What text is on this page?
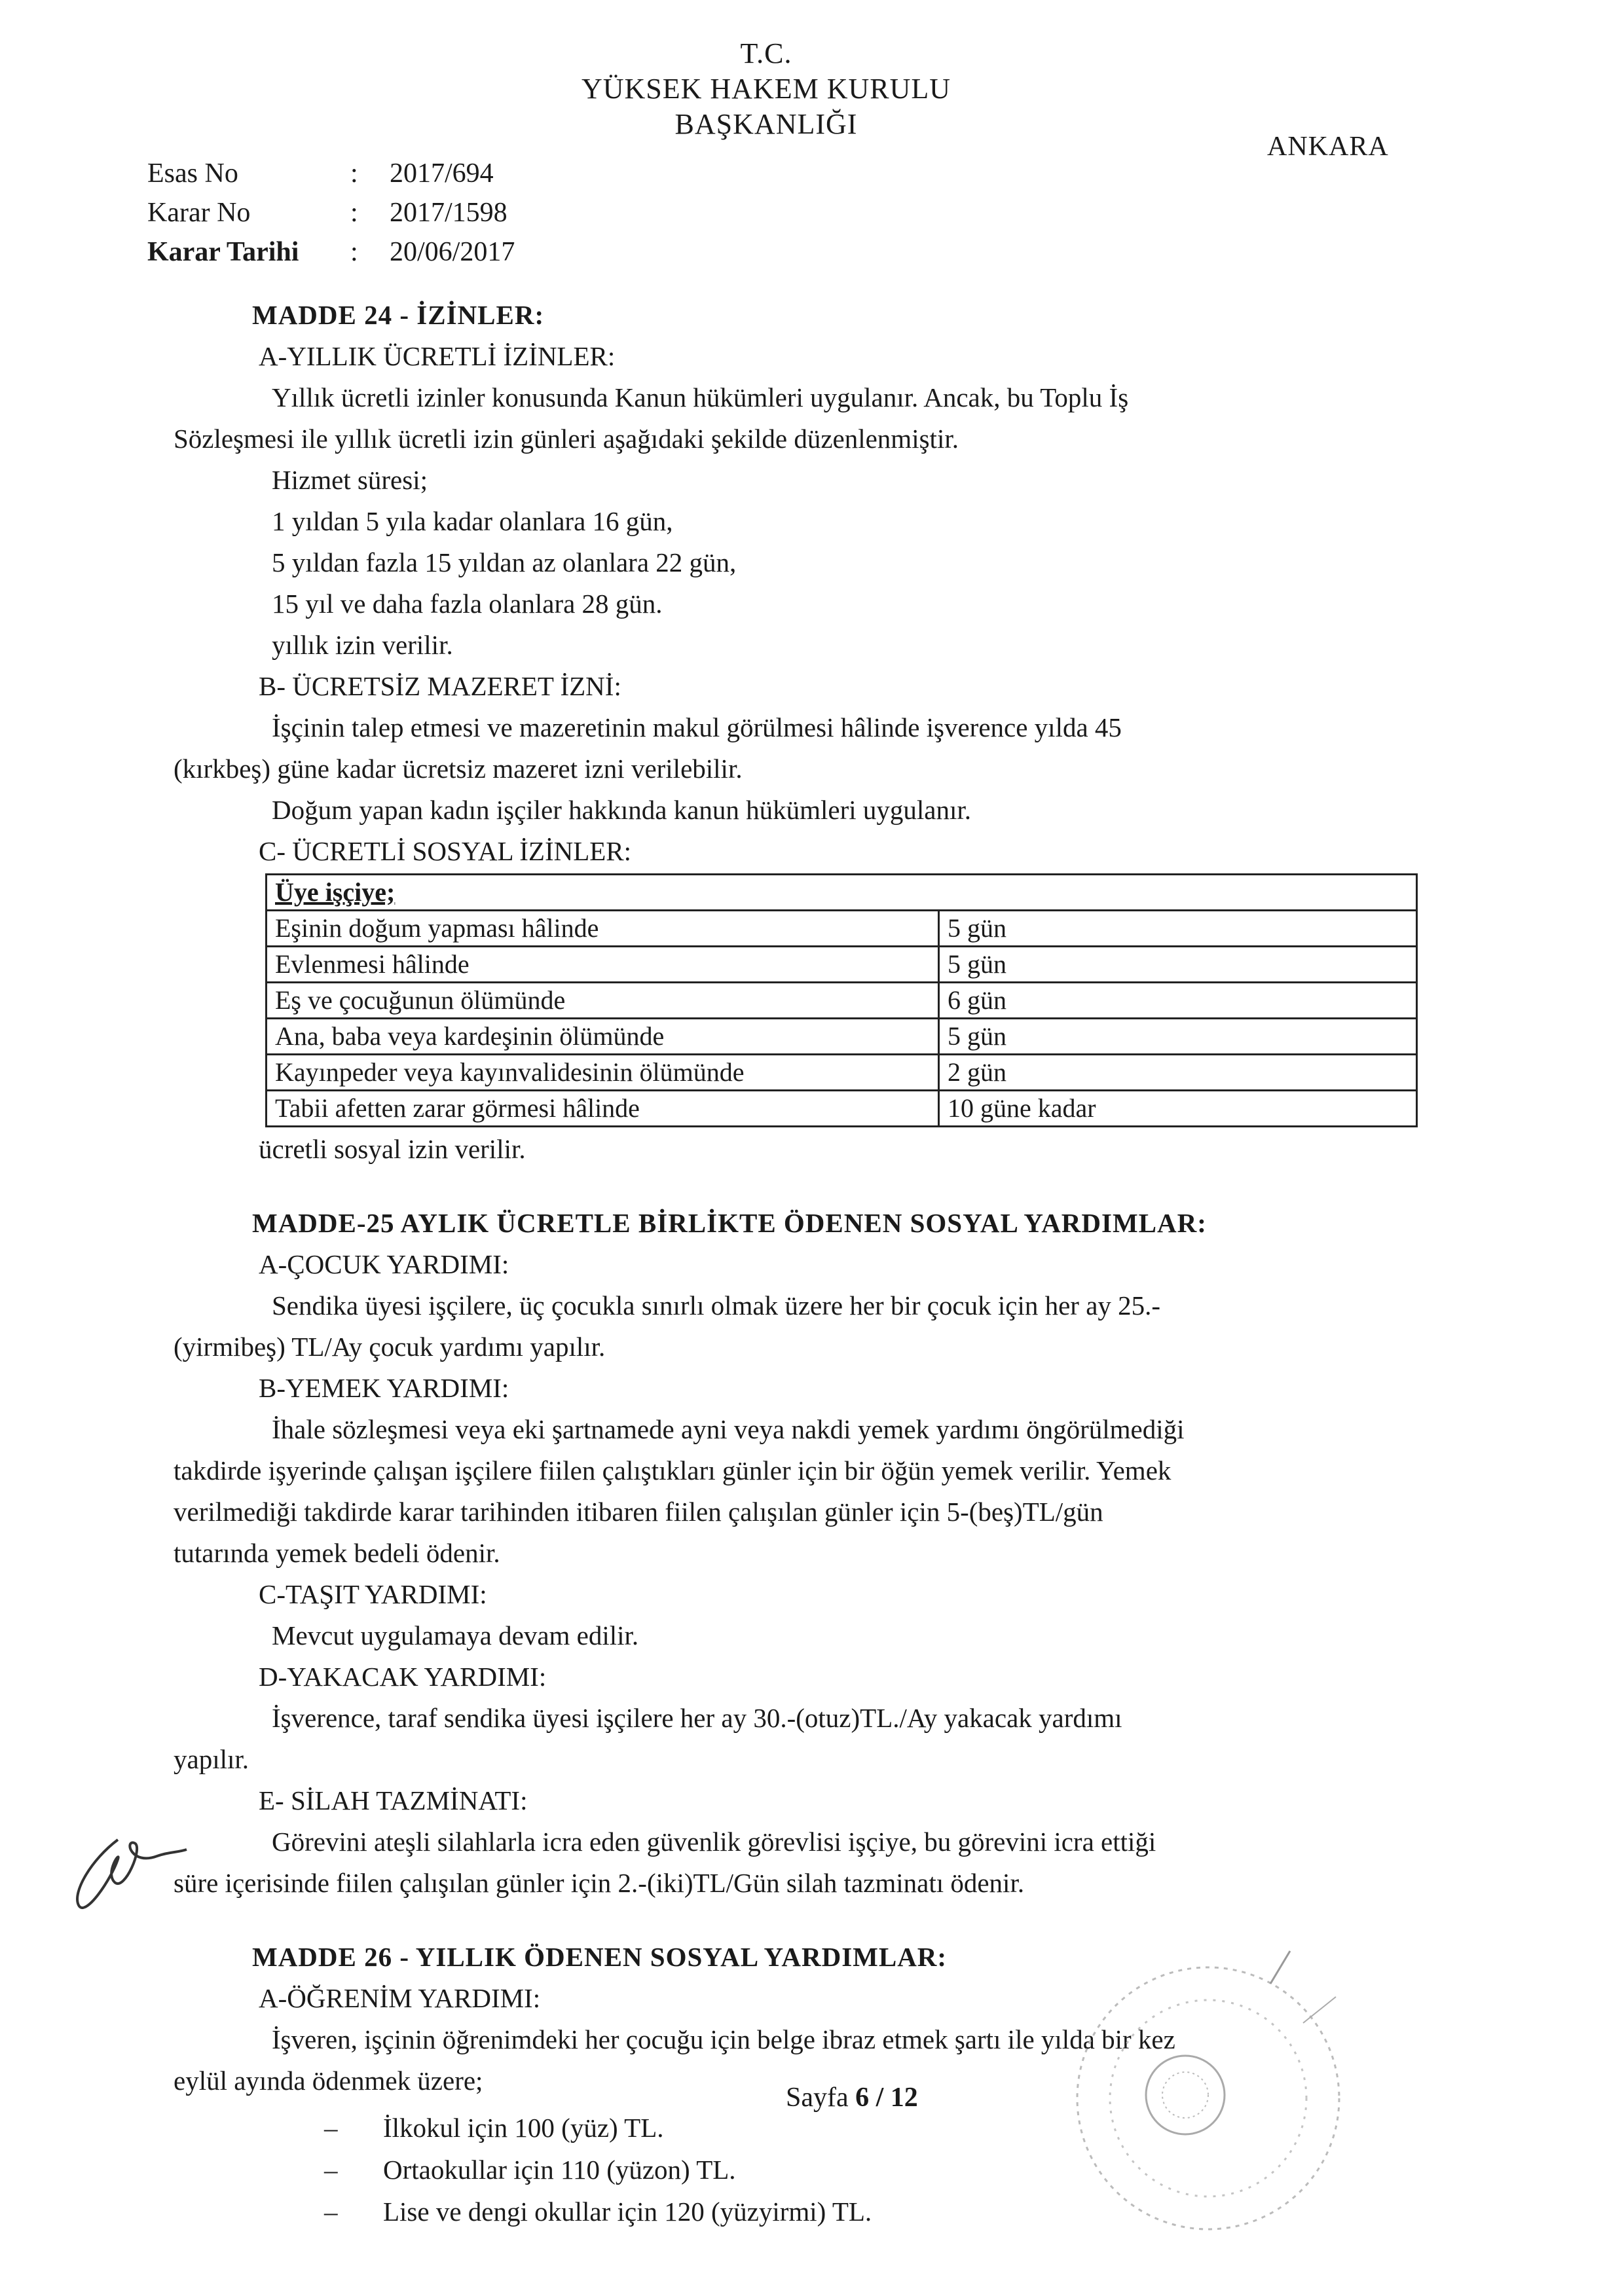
T.C.
YÜKSEK HAKEM KURULU
BAŞKANLIĞI
ANKARA
Esas No	:	2017/694
Karar No	:	2017/1598
Karar Tarihi	:	20/06/2017
MADDE 24 - İZİNLER:
A-YILLIK ÜCRETLİ İZİNLER:
Yıllık ücretli izinler konusunda Kanun hükümleri uygulanır. Ancak, bu Toplu İş
Sözleşmesi ile yıllık ücretli izin günleri aşağıdaki şekilde düzenlenmiştir.
Hizmet süresi;
1 yıldan 5 yıla kadar olanlara 16 gün,
5 yıldan fazla 15 yıldan az olanlara 22 gün,
15 yıl ve daha fazla olanlara 28 gün.
yıllık izin verilir.
B- ÜCRETSİZ MAZERET İZNİ:
İşçinin talep etmesi ve mazeretinin makul görülmesi hâlinde işverence yılda 45
(kırkbeş) güne kadar ücretsiz mazeret izni verilebilir.
Doğum yapan kadın işçiler hakkında kanun hükümleri uygulanır.
C- ÜCRETLİ SOSYAL İZİNLER:
Üye işçiye;	
Eşinin doğum yapması hâlinde	5 gün
Evlenmesi hâlinde	5 gün
Eş ve çocuğunun ölümünde	6 gün
Ana, baba veya kardeşinin ölümünde	5 gün
Kayınpeder veya kayınvalidesinin ölümünde	2 gün
Tabii afetten zarar görmesi hâlinde	10 güne kadar
ücretli sosyal izin verilir.
MADDE-25 AYLIK ÜCRETLE BİRLİKTE ÖDENEN SOSYAL YARDIMLAR:
A-ÇOCUK YARDIMI:
Sendika üyesi işçilere, üç çocukla sınırlı olmak üzere her bir çocuk için her ay 25.-
(yirmibeş) TL/Ay çocuk yardımı yapılır.
B-YEMEK YARDIMI:
İhale sözleşmesi veya eki şartnamede ayni veya nakdi yemek yardımı öngörülmediği
takdirde işyerinde çalışan işçilere fiilen çalıştıkları günler için bir öğün yemek verilir. Yemek
verilmediği takdirde karar tarihinden itibaren fiilen çalışılan günler için 5-(beş)TL/gün
tutarında yemek bedeli ödenir.
C-TAŞIT YARDIMI:
Mevcut uygulamaya devam edilir.
D-YAKACAK YARDIMI:
İşverence, taraf sendika üyesi işçilere her ay 30.-(otuz)TL./Ay yakacak yardımı
yapılır.
E- SİLAH TAZMİNATI:
Görevini ateşli silahlarla icra eden güvenlik görevlisi işçiye, bu görevini icra ettiği
süre içerisinde fiilen çalışılan günler için 2.-(iki)TL/Gün silah tazminatı ödenir.
MADDE 26 - YILLIK ÖDENEN SOSYAL YARDIMLAR:
A-ÖĞRENİM YARDIMI:
İşveren, işçinin öğrenimdeki her çocuğu için belge ibraz etmek şartı ile yılda bir kez
eylül ayında ödenmek üzere;
–	İlkokul için 100 (yüz) TL.
–	Ortaokullar için 110 (yüzon) TL.
–	Lise ve dengi okullar için 120 (yüzyirmi) TL.
Sayfa 6 / 12
